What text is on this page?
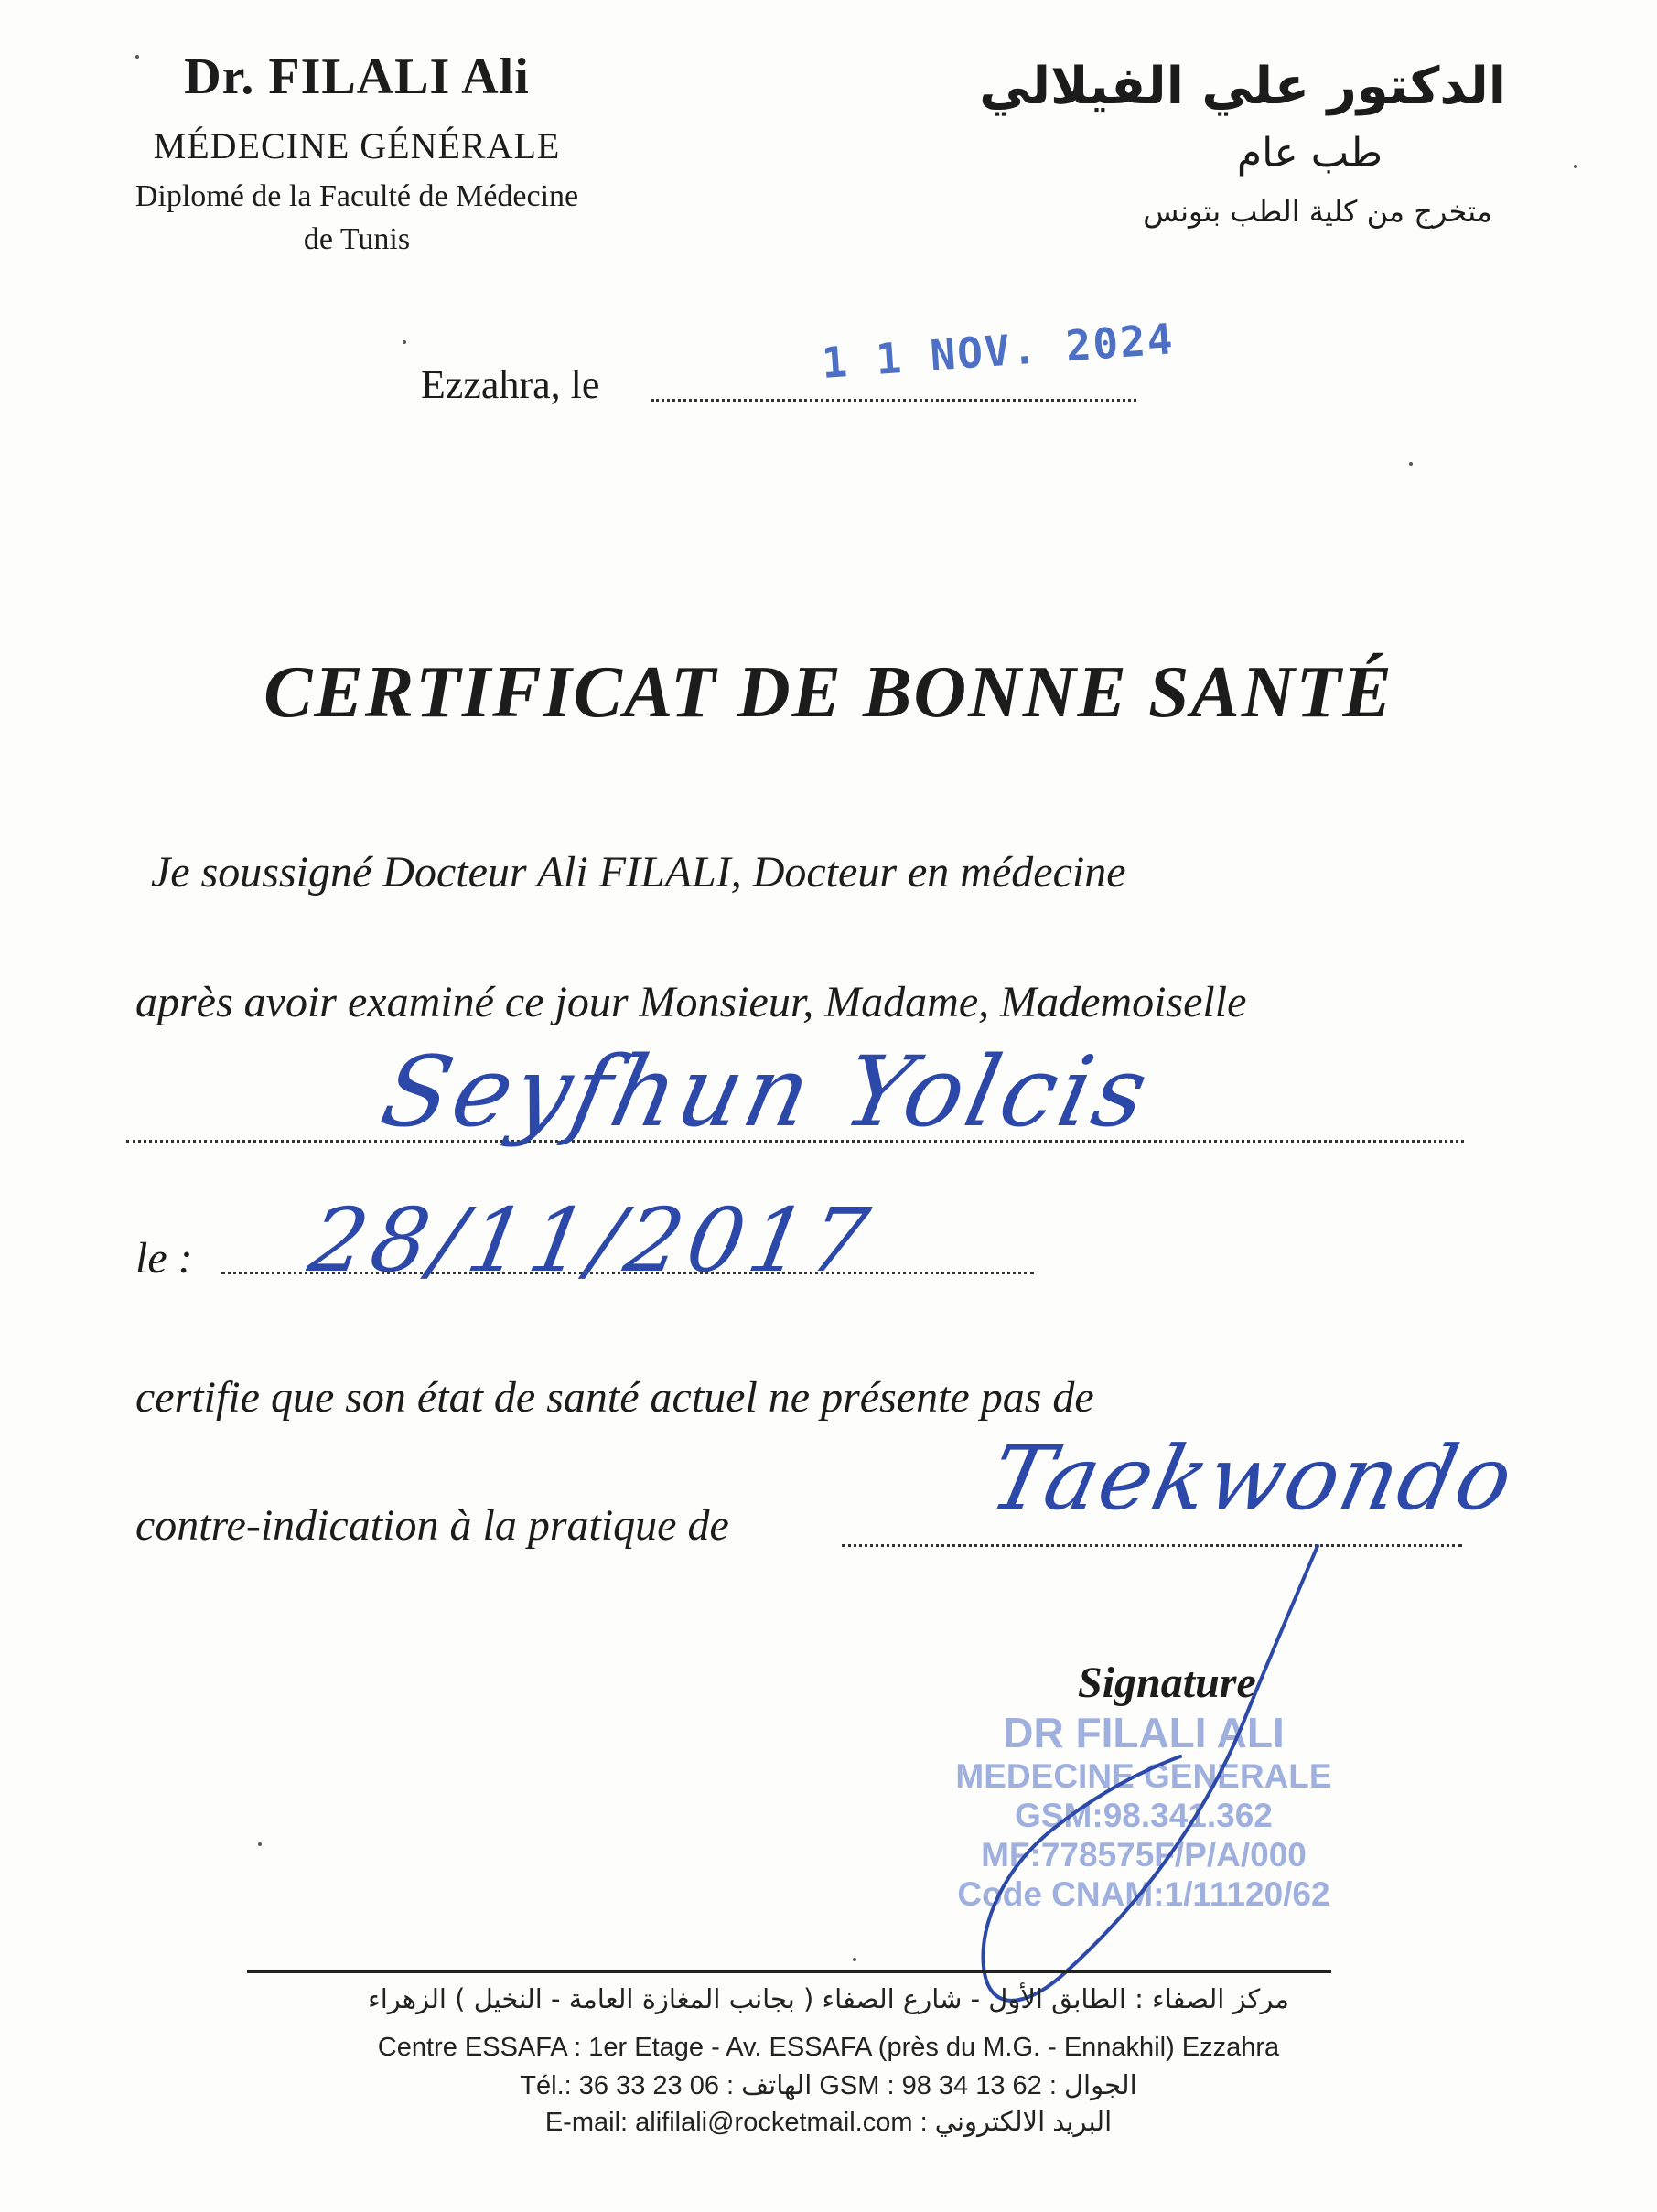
Dr. FILALI Ali
MÉDECINE GÉNÉRALE
Diplomé de la Faculté de Médecine
de Tunis
الدكتور علي الفيلالي
طب عام
متخرج من كلية الطب بتونس
Ezzahra, le	1 1 NOV. 2024
CERTIFICAT DE BONNE SANTÉ
Je soussigné Docteur Ali FILALI, Docteur en médecine
après avoir examiné ce jour Monsieur, Madame, Mademoiselle
Seyfhun Yolcis
le : 28/11/2017
certifie que son état de santé actuel ne présente pas de
contre-indication à la pratique de	Taekwondo
Signature
DR FILALI ALI
MEDECINE GENERALE
GSM:98.341.362
MF:778575F/P/A/000
Code CNAM:1/11120/62
مركز الصفاء : الطابق الأول - شارع الصفاء ( بجانب المغازة العامة - النخيل ) الزهراء
Centre ESSAFA : 1er Etage - Av. ESSAFA (près du M.G. - Ennakhil) Ezzahra
Tél.: 36 33 23 06 : الهاتف GSM : 98 34 13 62 : الجوال
E-mail: alifilali@rocketmail.com : البريد الالكتروني
